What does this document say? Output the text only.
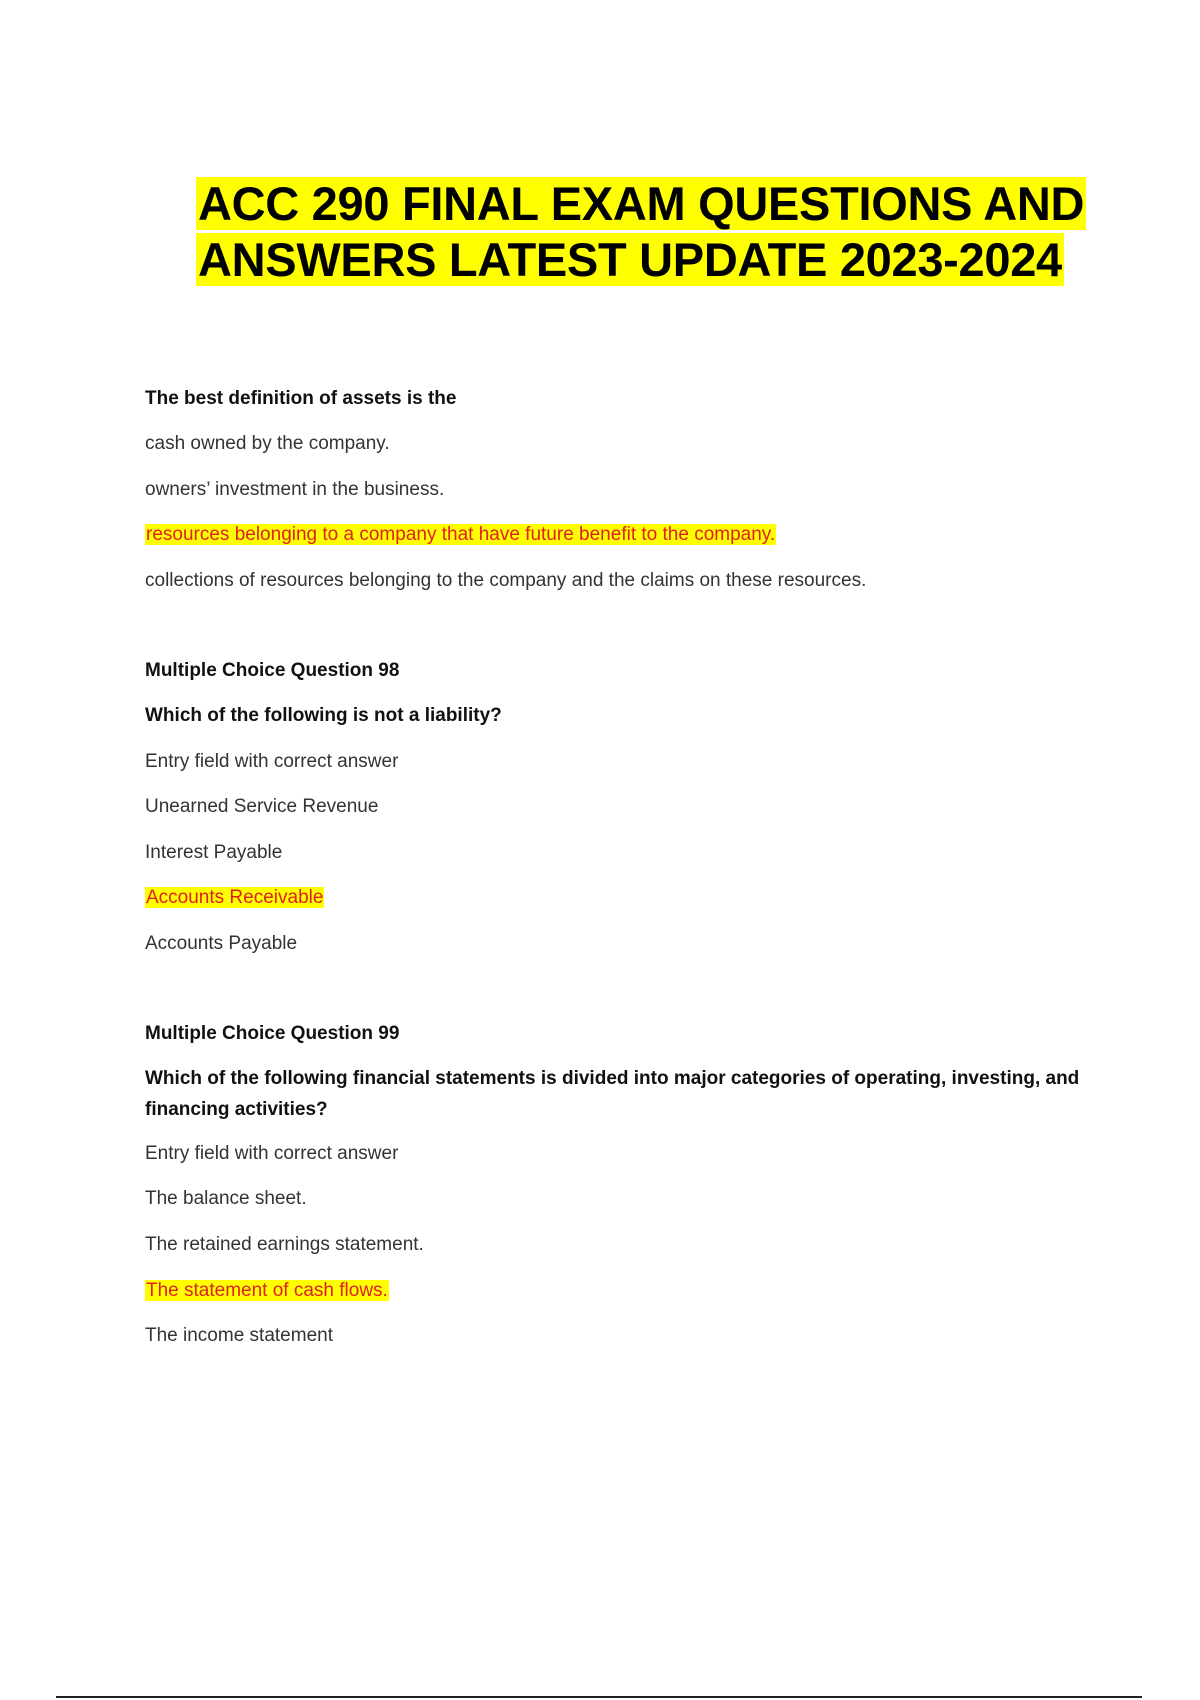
ACC 290 FINAL EXAM QUESTIONS AND
ANSWERS LATEST UPDATE 2023-2024
The best definition of assets is the
cash owned by the company.
owners’ investment in the business.
resources belonging to a company that have future benefit to the company.
collections of resources belonging to the company and the claims on these resources.
Multiple Choice Question 98
Which of the following is not a liability?
Entry field with correct answer
Unearned Service Revenue
Interest Payable
Accounts Receivable
Accounts Payable
Multiple Choice Question 99
Which of the following financial statements is divided into major categories of operating, investing, and financing activities?
Entry field with correct answer
The balance sheet.
The retained earnings statement.
The statement of cash flows.
The income statement
